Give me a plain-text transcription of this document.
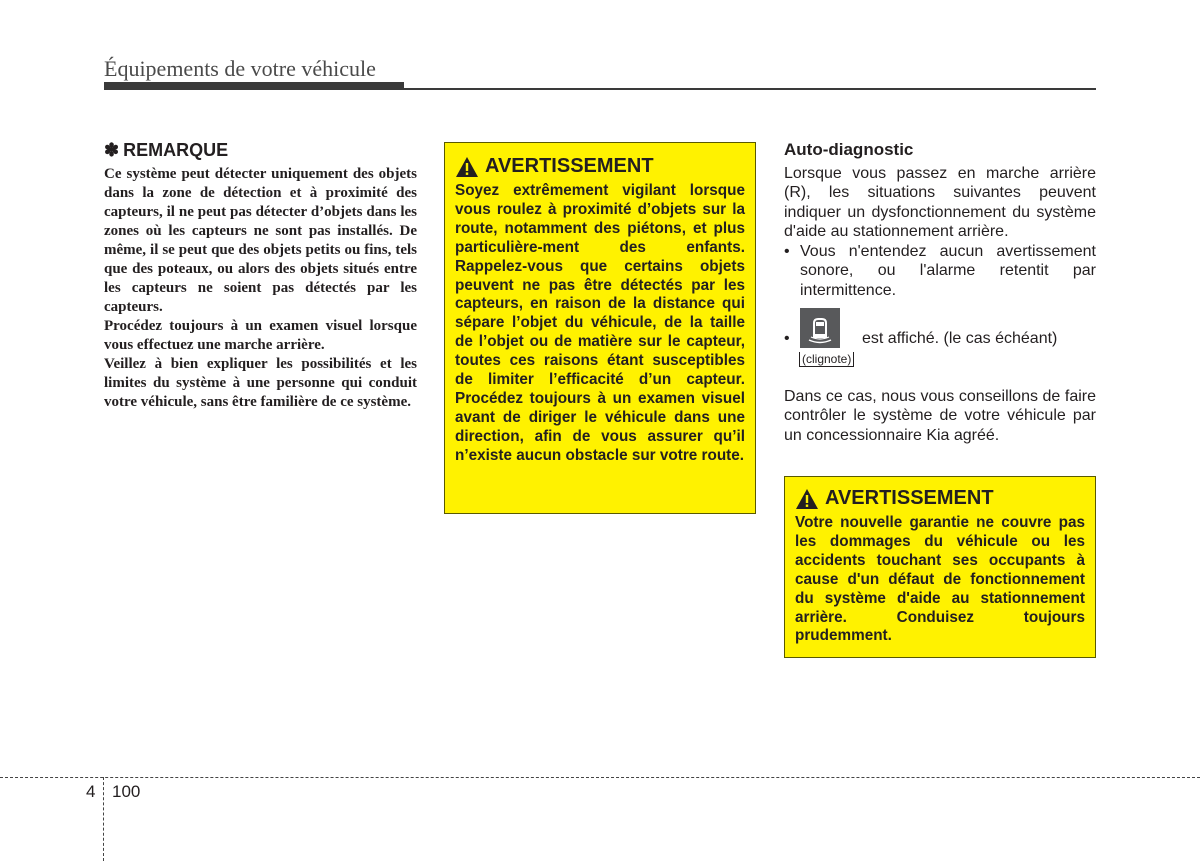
Équipements de votre véhicule
✽ REMARQUE

Ce système peut détecter uniquement des objets dans la zone de détection et à proximité des capteurs, il ne peut pas détecter d’objets dans les zones où les capteurs ne sont pas installés. De même, il se peut que des objets petits ou fins, tels que des poteaux, ou alors des objets situés entre les capteurs ne soient pas détectés par les capteurs.

Procédez toujours à un examen visuel lorsque vous effectuez une marche arrière.

Veillez à bien expliquer les possibilités et les limites du système à une personne qui conduit votre véhicule, sans être familière de ce système.

AVERTISSEMENT
Soyez extrêmement vigilant lorsque vous roulez à proximité d’objets sur la route, notamment des piétons, et plus particulière-ment des enfants. Rappelez-vous que certains objets peuvent ne pas être détectés par les capteurs, en raison de la distance qui sépare l’objet du véhicule, de la taille de l’objet ou de matière sur le capteur, toutes ces raisons étant susceptibles de limiter l’efficacité d’un capteur. Procédez toujours à un examen visuel avant de diriger le véhicule dans une direction, afin de vous assurer qu’il n’existe aucun obstacle sur votre route.
Auto-diagnostic
Lorsque vous passez en marche arrière (R), les situations suivantes peuvent indiquer un dysfonctionnement du système d'aide au stationnement arrière.
• Vous n'entendez aucun avertissement sonore, ou l'alarme retentit par intermittence.
•	est affiché. (le cas échéant)
(clignote)
Dans ce cas, nous vous conseillons de faire contrôler le système de votre véhicule par un concessionnaire Kia agréé.
AVERTISSEMENT
Votre nouvelle garantie ne couvre pas les dommages du véhicule ou les accidents touchant ses occupants à cause d'un défaut de fonctionnement du système d'aide au stationnement arrière. Conduisez toujours prudemment.
4 100
